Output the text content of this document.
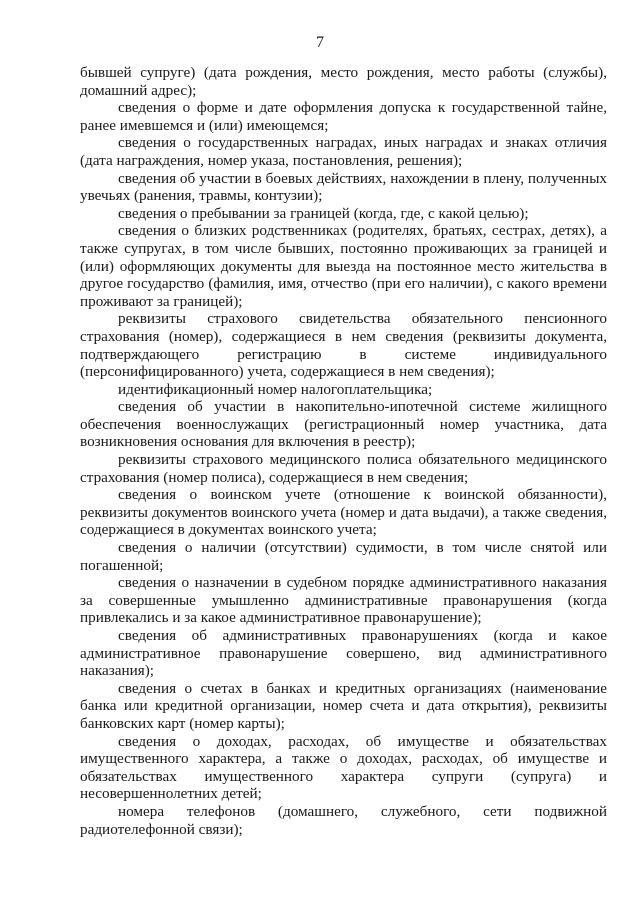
7

бывшей супруге) (дата рождения, место рождения, место работы (службы), домашний адрес);

сведения о форме и дате оформления допуска к государственной тайне, ранее имевшемся и (или) имеющемся;

сведения о государственных наградах, иных наградах и знаках отличия (дата награждения, номер указа, постановления, решения);

сведения об участии в боевых действиях, нахождении в плену, полученных увечьях (ранения, травмы, контузии);

сведения о пребывании за границей (когда, где, с какой целью);

сведения о близких родственниках (родителях, братьях, сестрах, детях), а также супругах, в том числе бывших, постоянно проживающих за границей и (или) оформляющих документы для выезда на постоянное место жительства в другое государство (фамилия, имя, отчество (при его наличии), с какого времени проживают за границей);

реквизиты страхового свидетельства обязательного пенсионного страхования (номер), содержащиеся в нем сведения (реквизиты документа, подтверждающего регистрацию в системе индивидуального (персонифицированного) учета, содержащиеся в нем сведения);

идентификационный номер налогоплательщика;

сведения об участии в накопительно-ипотечной системе жилищного обеспечения военнослужащих (регистрационный номер участника, дата возникновения основания для включения в реестр);

реквизиты страхового медицинского полиса обязательного медицинского страхования (номер полиса), содержащиеся в нем сведения;

сведения о воинском учете (отношение к воинской обязанности), реквизиты документов воинского учета (номер и дата выдачи), а также сведения, содержащиеся в документах воинского учета;

сведения о наличии (отсутствии) судимости, в том числе снятой или погашенной;

сведения о назначении в судебном порядке административного наказания за совершенные умышленно административные правонарушения (когда привлекались и за какое административное правонарушение);

сведения об административных правонарушениях (когда и какое административное правонарушение совершено, вид административного наказания);

сведения о счетах в банках и кредитных организациях (наименование банка или кредитной организации, номер счета и дата открытия), реквизиты банковских карт (номер карты);

сведения о доходах, расходах, об имуществе и обязательствах имущественного характера, а также о доходах, расходах, об имуществе и обязательствах имущественного характера супруги (супруга) и несовершеннолетних детей;

номера телефонов (домашнего, служебного, сети подвижной радиотелефонной связи);
